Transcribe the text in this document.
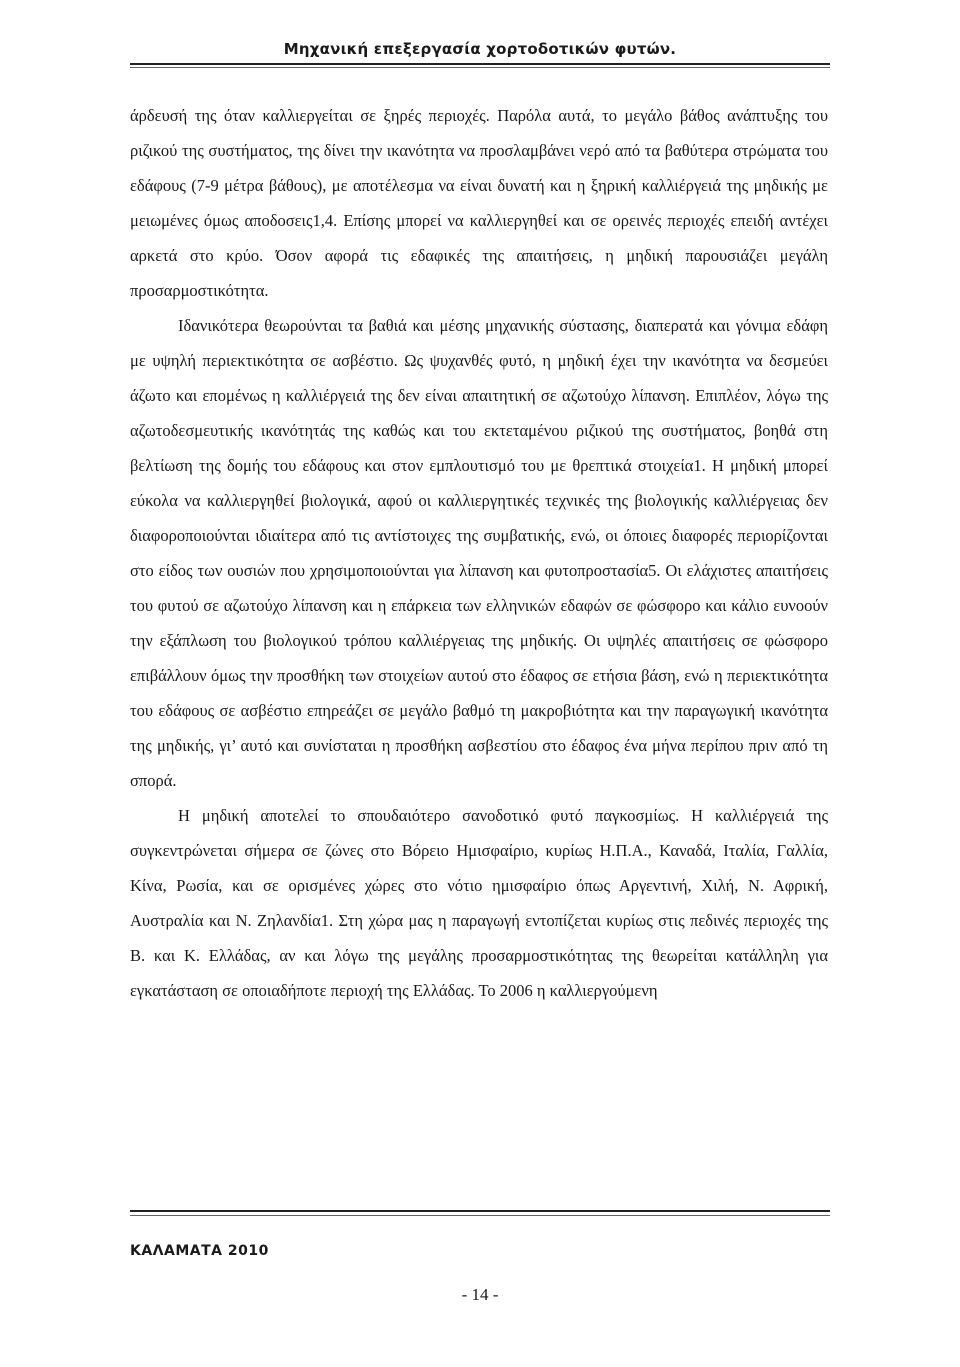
Μηχανική επεξεργασία χορτοδοτικών φυτών.

άρδευσή της όταν καλλιεργείται σε ξηρές περιοχές. Παρόλα αυτά, το μεγάλο βάθος ανάπτυξης του ριζικού της συστήματος, της δίνει την ικανότητα να προσλαμβάνει νερό από τα βαθύτερα στρώματα του εδάφους (7-9 μέτρα βάθους), με αποτέλεσμα να είναι δυνατή και η ξηρική καλλιέργειά της μηδικής με μειωμένες όμως αποδοσεις1,4. Επίσης μπορεί να καλλιεργηθεί και σε ορεινές περιοχές επειδή αντέχει αρκετά στο κρύο. Όσον αφορά τις εδαφικές της απαιτήσεις, η μηδική παρουσιάζει μεγάλη προσαρμοστικότητα.

Ιδανικότερα θεωρούνται τα βαθιά και μέσης μηχανικής σύστασης, διαπερατά και γόνιμα εδάφη με υψηλή περιεκτικότητα σε ασβέστιο. Ως ψυχανθές φυτό, η μηδική έχει την ικανότητα να δεσμεύει άζωτο και επομένως η καλλιέργειά της δεν είναι απαιτητική σε αζωτούχο λίπανση. Επιπλέον, λόγω της αζωτοδεσμευτικής ικανότητάς της καθώς και του εκτεταμένου ριζικού της συστήματος, βοηθά στη βελτίωση της δομής του εδάφους και στον εμπλουτισμό του με θρεπτικά στοιχεία1. Η μηδική μπορεί εύκολα να καλλιεργηθεί βιολογικά, αφού οι καλλιεργητικές τεχνικές της βιολογικής καλλιέργειας δεν διαφοροποιούνται ιδιαίτερα από τις αντίστοιχες της συμβατικής, ενώ, οι όποιες διαφορές περιορίζονται στο είδος των ουσιών που χρησιμοποιούνται για λίπανση και φυτοπροστασία5. Οι ελάχιστες απαιτήσεις του φυτού σε αζωτούχο λίπανση και η επάρκεια των ελληνικών εδαφών σε φώσφορο και κάλιο ευνοούν την εξάπλωση του βιολογικού τρόπου καλλιέργειας της μηδικής. Οι υψηλές απαιτήσεις σε φώσφορο επιβάλλουν όμως την προσθήκη των στοιχείων αυτού στο έδαφος σε ετήσια βάση, ενώ η περιεκτικότητα του εδάφους σε ασβέστιο επηρεάζει σε μεγάλο βαθμό τη μακροβιότητα και την παραγωγική ικανότητα της μηδικής, γι’ αυτό και συνίσταται η προσθήκη ασβεστίου στο έδαφος ένα μήνα περίπου πριν από τη σπορά.

Η μηδική αποτελεί το σπουδαιότερο σανοδοτικό φυτό παγκοσμίως. Η καλλιέργειά της συγκεντρώνεται σήμερα σε ζώνες στο Βόρειο Ημισφαίριο, κυρίως Η.Π.Α., Καναδά, Ιταλία, Γαλλία, Κίνα, Ρωσία, και σε ορισμένες χώρες στο νότιο ημισφαίριο όπως Αργεντινή, Χιλή, Ν. Αφρική, Αυστραλία και Ν. Ζηλανδία1. Στη χώρα μας η παραγωγή εντοπίζεται κυρίως στις πεδινές περιοχές της Β. και Κ. Ελλάδας, αν και λόγω της μεγάλης προσαρμοστικότητας της θεωρείται κατάλληλη για εγκατάσταση σε οποιαδήποτε περιοχή της Ελλάδας. Το 2006 η καλλιεργούμενη

ΚΑΛΑΜΑΤΑ 2010
- 14 -
